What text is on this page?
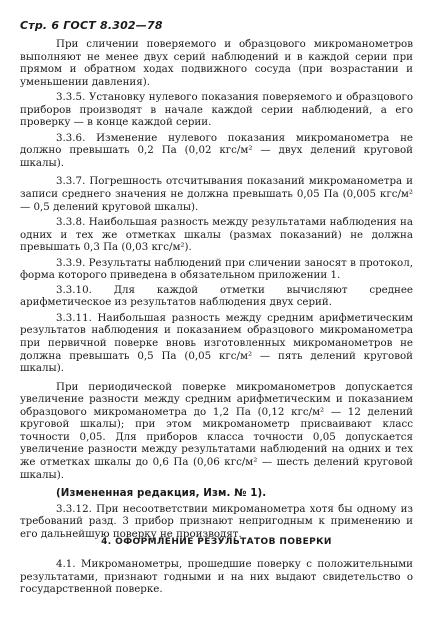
Стр. 6 ГОСТ 8.302—78

При сличении поверяемого и образцового микроманометров выполняют не менее двух серий наблюдений и в каждой серии при прямом и обратном ходах подвижного сосуда (при возрастании и уменьшении давления).

3.3.5. Установку нулевого показания поверяемого и образцового приборов производят в начале каждой серии наблюдений, а его проверку — в конце каждой серии.

3.3.6. Изменение нулевого показания микроманометра не должно превышать 0,2 Па (0,02 кгс/м² — двух делений круговой шкалы).

3.3.7. Погрешность отсчитывания показаний микроманометра и записи среднего значения не должна превышать 0,05 Па (0,005 кгс/м² — 0,5 делений круговой шкалы).

3.3.8. Наибольшая разность между результатами наблюдения на одних и тех же отметках шкалы (размах показаний) не должна превышать 0,3 Па (0,03 кгс/м²).

3.3.9. Результаты наблюдений при сличении заносят в протокол, форма которого приведена в обязательном приложении 1.

3.3.10. Для каждой отметки вычисляют среднее арифметическое из результатов наблюдения двух серий.

3.3.11. Наибольшая разность между средним арифметическим результатов наблюдения и показанием образцового микроманометра при первичной поверке вновь изготовленных микроманометров не должна превышать 0,5 Па (0,05 кгс/м² — пять делений круговой шкалы).

При периодической поверке микроманометров допускается увеличение разности между средним арифметическим и показанием образцового микроманометра до 1,2 Па (0,12 кгс/м² — 12 делений круговой шкалы); при этом микроманометр присваивают класс точности 0,05. Для приборов класса точности 0,05 допускается увеличение разности между результатами наблюдений на одних и тех же отметках шкалы до 0,6 Па (0,06 кгс/м² — шесть делений круговой шкалы).

(Измененная редакция, Изм. № 1).

3.3.12. При несоответствии микроманометра хотя бы одному из требований разд. 3 прибор признают непригодным к применению и его дальнейшую поверку не производят.

4. ОФОРМЛЕНИЕ РЕЗУЛЬТАТОВ ПОВЕРКИ

4.1. Микроманометры, прошедшие поверку с положительными результатами, признают годными и на них выдают свидетельство о государственной поверке.
